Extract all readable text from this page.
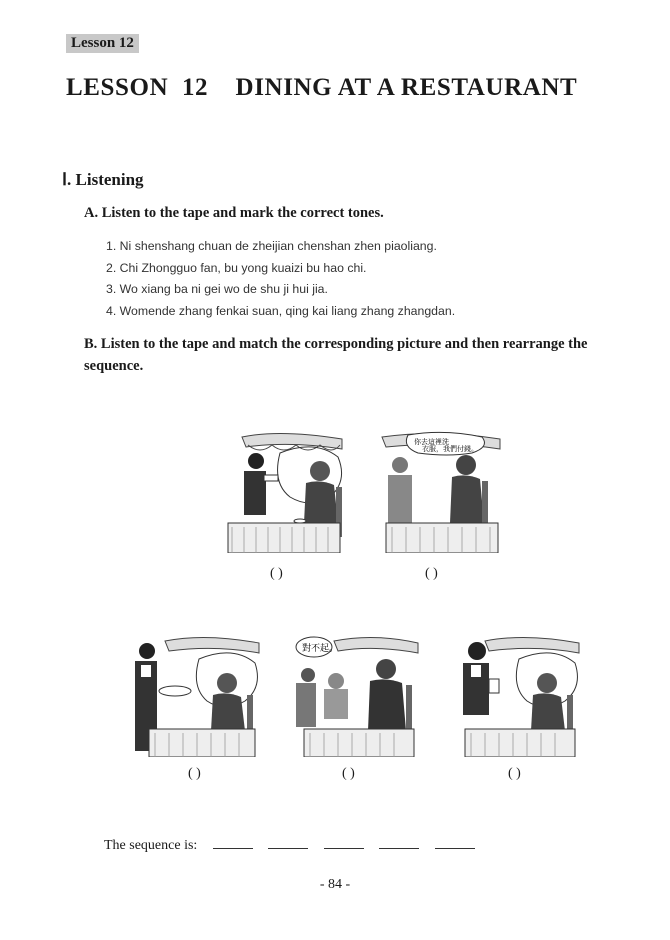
Lesson 12
LESSON  12    DINING AT A RESTAURANT
Ⅰ. Listening
A. Listen to the tape and mark the correct tones.
1. Ni shenshang chuan de zheijian chenshan zhen piaoliang.
2. Chi Zhongguo fan, bu yong kuaizi bu hao chi.
3. Wo xiang ba ni gei wo de shu ji hui jia.
4. Womende zhang fenkai suan, qing kai liang zhang zhangdan.
B. Listen to the tape and match the corresponding picture and then rearrange the sequence.
( )
你去這裡洗
衣服，我們付錢。
( )
( )
對不起。
( )	( )
The sequence is:
- 84 -
